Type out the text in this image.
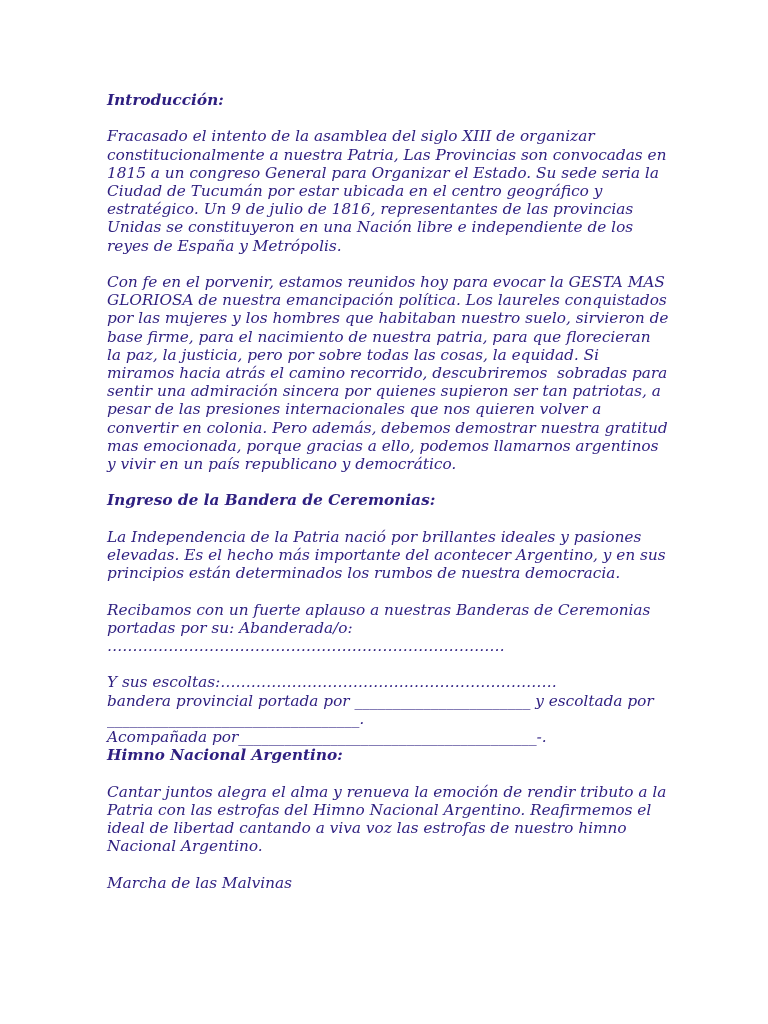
Introducción:
Fracasado el intento de la asamblea del siglo XIII de organizar
constitucionalmente a nuestra Patria, Las Provincias son convocadas en
1815 a un congreso General para Organizar el Estado. Su sede seria la
Ciudad de Tucumán por estar ubicada en el centro geográfico y
estratégico. Un 9 de julio de 1816, representantes de las provincias
Unidas se constituyeron en una Nación libre e independiente de los
reyes de España y Metrópolis.
Con fe en el porvenir, estamos reunidos hoy para evocar la GESTA MAS
GLORIOSA de nuestra emancipación política. Los laureles conquistados
por las mujeres y los hombres que habitaban nuestro suelo, sirvieron de
base firme, para el nacimiento de nuestra patria, para que florecieran
la paz, la justicia, pero por sobre todas las cosas, la equidad. Si
miramos hacia atrás el camino recorrido, descubriremos  sobradas para
sentir una admiración sincera por quienes supieron ser tan patriotas, a
pesar de las presiones internacionales que nos quieren volver a
convertir en colonia. Pero además, debemos demostrar nuestra gratitud
mas emocionada, porque gracias a ello, podemos llamarnos argentinos
y vivir en un país republicano y democrático.
Ingreso de la Bandera de Ceremonias:
La Independencia de la Patria nació por brillantes ideales y pasiones
elevadas. Es el hecho más importante del acontecer Argentino, y en sus
principios están determinados los rumbos de nuestra democracia.
Recibamos con un fuerte aplauso a nuestras Banderas de Ceremonias
portadas por su: Abanderada/o:
……………………………………………………………………
Y sus escoltas:…………………………………………………………
bandera provincial portada por _______________________ y escoltada por
_________________________________.
Acompañada por_______________________________________-.
Himno Nacional Argentino:
Cantar juntos alegra el alma y renueva la emoción de rendir tributo a la
Patria con las estrofas del Himno Nacional Argentino. Reafirmemos el
ideal de libertad cantando a viva voz las estrofas de nuestro himno
Nacional Argentino.
Marcha de las Malvinas
